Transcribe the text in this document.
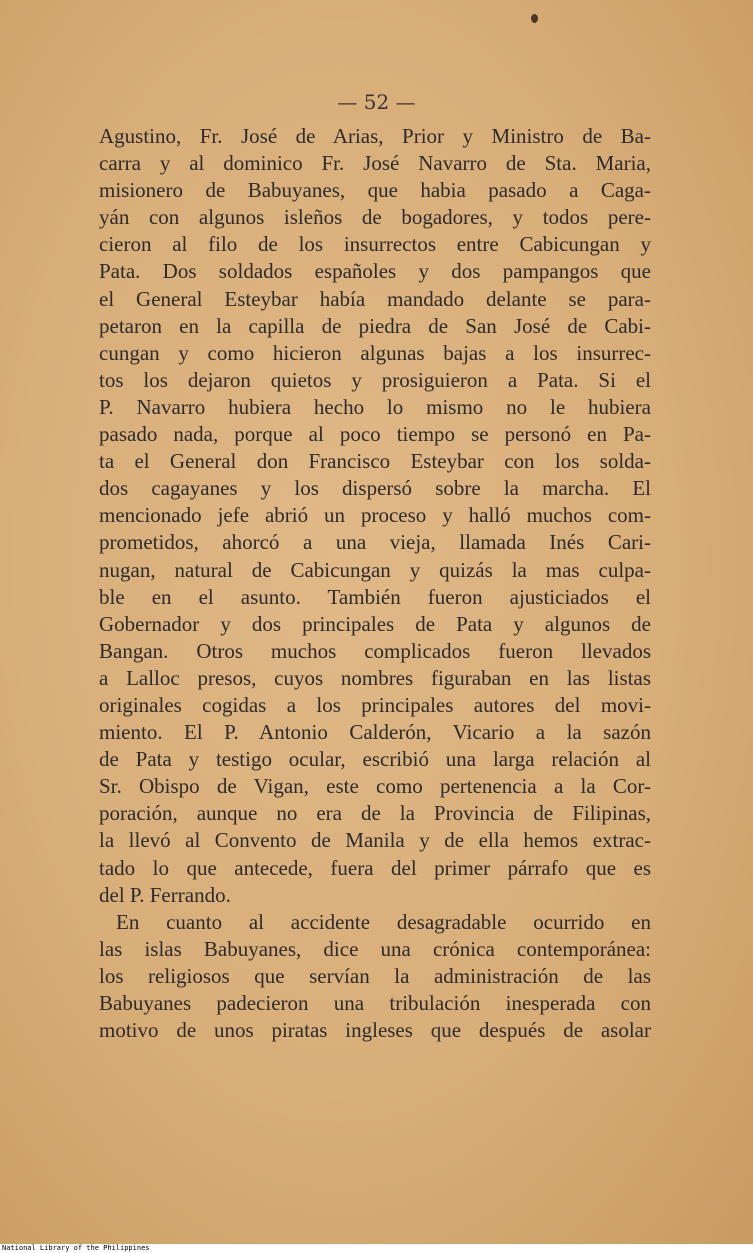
— 52 —
Agustino, Fr. José de Arias, Prior y Ministro de Ba-
carra y al dominico Fr. José Navarro de Sta. Maria,
misionero de Babuyanes, que habia pasado a Caga-
yán con algunos isleños de bogadores, y todos pere-
cieron al filo de los insurrectos entre Cabicungan y
Pata. Dos soldados españoles y dos pampangos que
el General Esteybar había mandado delante se para-
petaron en la capilla de piedra de San José de Cabi-
cungan y como hicieron algunas bajas a los insurrec-
tos los dejaron quietos y prosiguieron a Pata. Si el
P. Navarro hubiera hecho lo mismo no le hubiera
pasado nada, porque al poco tiempo se personó en Pa-
ta el General don Francisco Esteybar con los solda-
dos cagayanes y los dispersó sobre la marcha. El
mencionado jefe abrió un proceso y halló muchos com-
prometidos, ahorcó a una vieja, llamada Inés Cari-
nugan, natural de Cabicungan y quizás la mas culpa-
ble en el asunto. También fueron ajusticiados el
Gobernador y dos principales de Pata y algunos de
Bangan. Otros muchos complicados fueron llevados
a Lalloc presos, cuyos nombres figuraban en las listas
originales cogidas a los principales autores del movi-
miento. El P. Antonio Calderón, Vicario a la sazón
de Pata y testigo ocular, escribió una larga relación al
Sr. Obispo de Vigan, este como pertenencia a la Cor-
poración, aunque no era de la Provincia de Filipinas,
la llevó al Convento de Manila y de ella hemos extrac-
tado lo que antecede, fuera del primer párrafo que es
del P. Ferrando.
En cuanto al accidente desagradable ocurrido en
las islas Babuyanes, dice una crónica contemporánea:
los religiosos que servían la administración de las
Babuyanes padecieron una tribulación inesperada con
motivo de unos piratas ingleses que después de asolar
National Library of the Philippines
